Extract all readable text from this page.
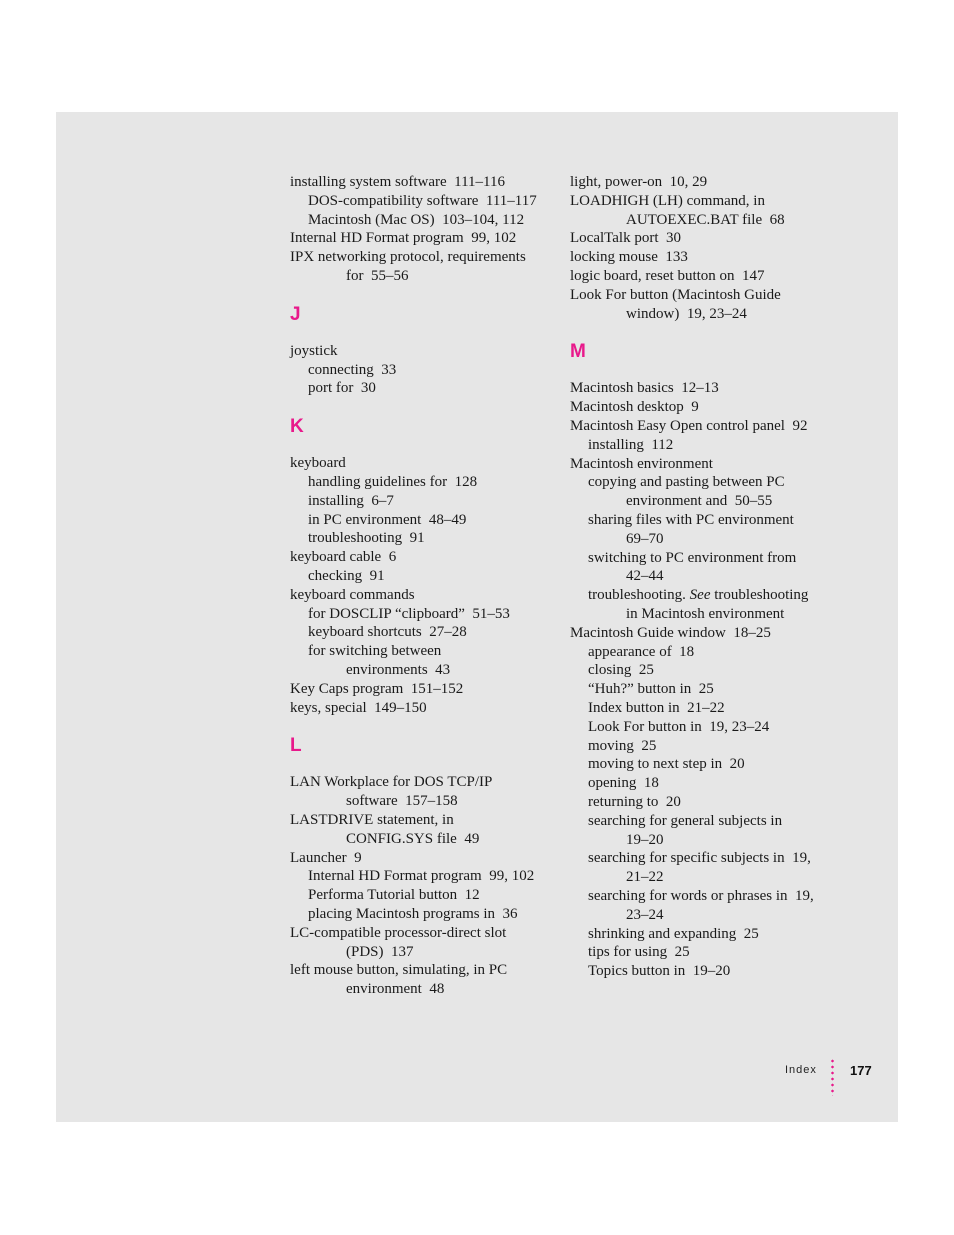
installing system software  111–116
DOS-compatibility software  111–117
Macintosh (Mac OS)  103–104, 112
Internal HD Format program  99, 102
IPX networking protocol, requirements
for  55–56
J
joystick
connecting  33
port for  30
K
keyboard
handling guidelines for  128
installing  6–7
in PC environment  48–49
troubleshooting  91
keyboard cable  6
checking  91
keyboard commands
for DOSCLIP “clipboard”  51–53
keyboard shortcuts  27–28
for switching between
environments  43
Key Caps program  151–152
keys, special  149–150
L
LAN Workplace for DOS TCP/IP
software  157–158
LASTDRIVE statement, in
CONFIG.SYS file  49
Launcher  9
Internal HD Format program  99, 102
Performa Tutorial button  12
placing Macintosh programs in  36
LC-compatible processor-direct slot
(PDS)  137
left mouse button, simulating, in PC
environment  48
light, power-on  10, 29
LOADHIGH (LH) command, in
AUTOEXEC.BAT file  68
LocalTalk port  30
locking mouse  133
logic board, reset button on  147
Look For button (Macintosh Guide
window)  19, 23–24
M
Macintosh basics  12–13
Macintosh desktop  9
Macintosh Easy Open control panel  92
installing  112
Macintosh environment
copying and pasting between PC
environment and  50–55
sharing files with PC environment
69–70
switching to PC environment from
42–44
troubleshooting. See troubleshooting
in Macintosh environment
Macintosh Guide window  18–25
appearance of  18
closing  25
“Huh?” button in  25
Index button in  21–22
Look For button in  19, 23–24
moving  25
moving to next step in  20
opening  18
returning to  20
searching for general subjects in
19–20
searching for specific subjects in  19,
21–22
searching for words or phrases in  19,
23–24
shrinking and expanding  25
tips for using  25
Topics button in  19–20
Index	177
